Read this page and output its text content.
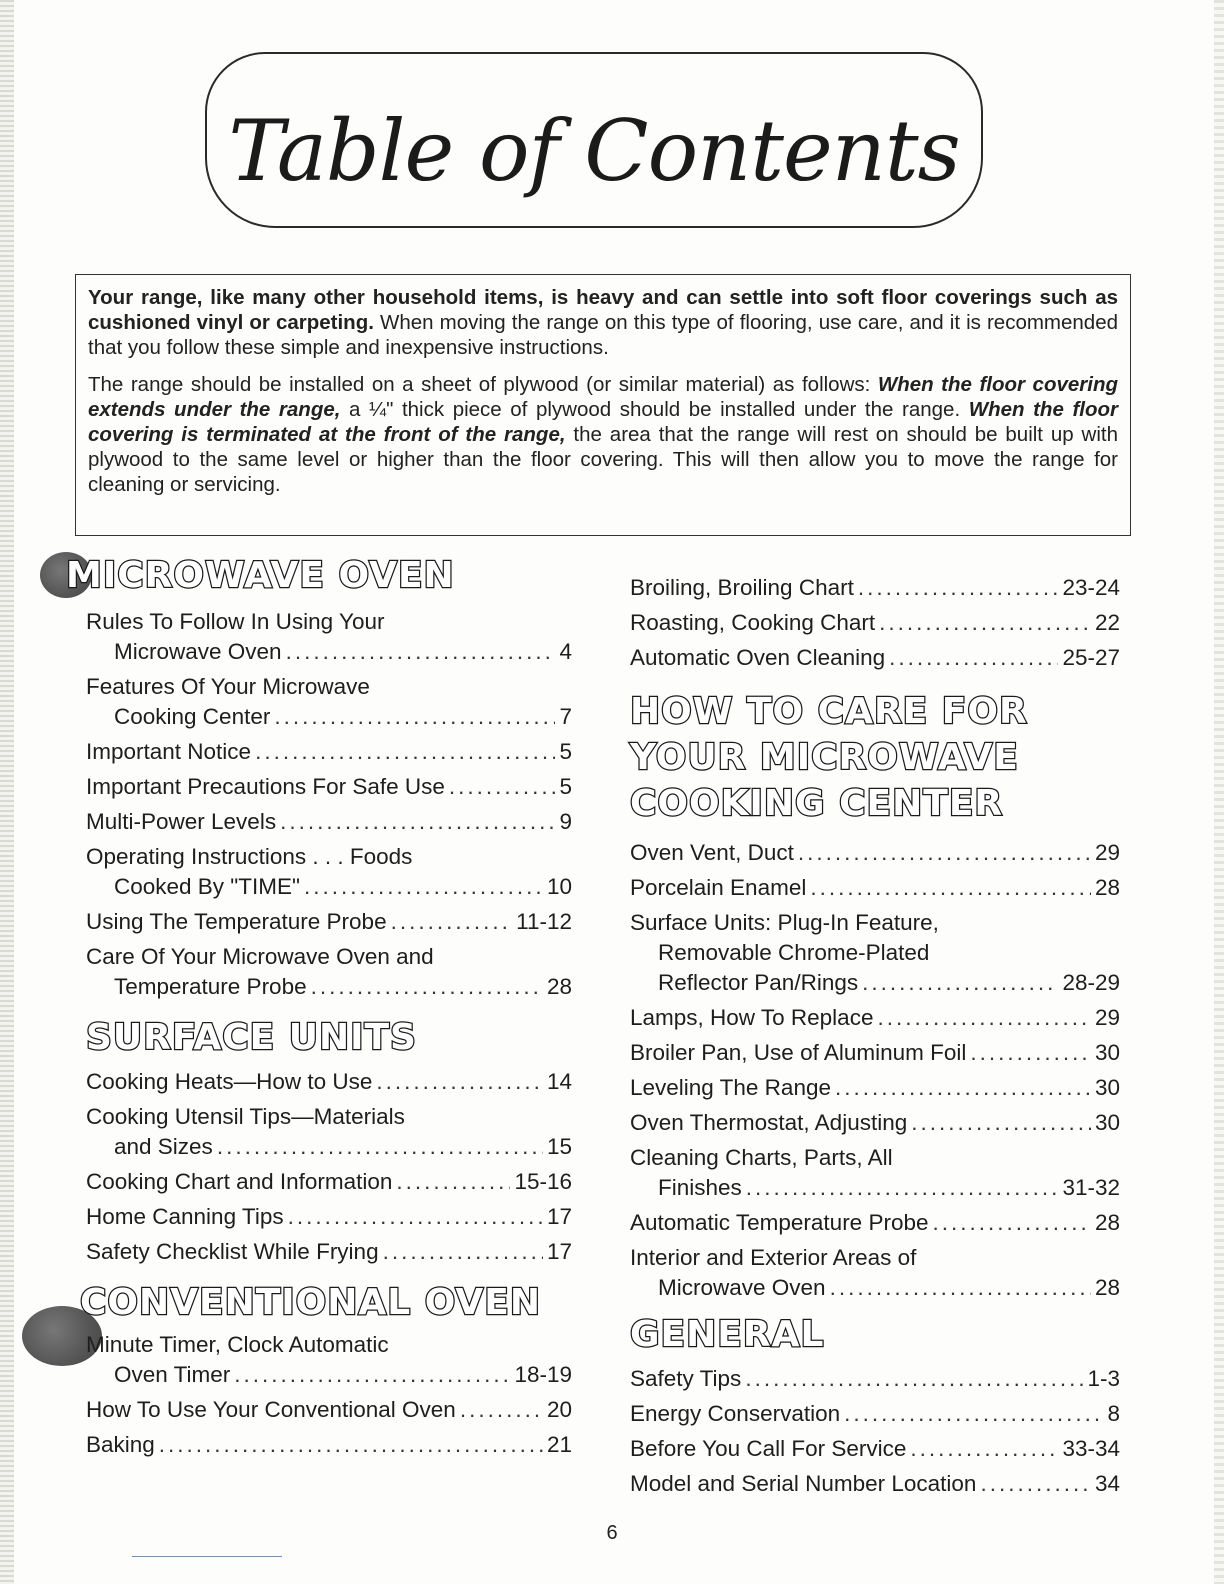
Table of Contents

Your range, like many other household items, is heavy and can settle into soft floor coverings such as cushioned vinyl or carpeting. When moving the range on this type of flooring, use care, and it is recommended that you follow these simple and inexpensive instructions.

The range should be installed on a sheet of plywood (or similar material) as follows: When the floor covering extends under the range, a ¼" thick piece of plywood should be installed under the range. When the floor covering is terminated at the front of the range, the area that the range will rest on should be built up with plywood to the same level or higher than the floor covering. This will then allow you to move the range for cleaning or servicing.

MICROWAVE OVEN
Rules To Follow In Using Your
Microwave Oven .....	4
Features Of Your Microwave
Cooking Center .....	7
Important Notice .....	5
Important Precautions For Safe Use .....	5
Multi-Power Levels .....	9
Operating Instructions . . . Foods
Cooked By "TIME" .....	10
Using The Temperature Probe .....	11-12
Care Of Your Microwave Oven and
Temperature Probe .....	28
SURFACE UNITS
Cooking Heats—How to Use .....	14
Cooking Utensil Tips—Materials
and Sizes .....	15
Cooking Chart and Information .....	15-16
Home Canning Tips .....	17
Safety Checklist While Frying .....	17
CONVENTIONAL OVEN
Minute Timer, Clock Automatic
Oven Timer .....	18-19
How To Use Your Conventional Oven .....	20
Baking .....	21
Broiling, Broiling Chart .....	23-24
Roasting, Cooking Chart .....	22
Automatic Oven Cleaning .....	25-27
HOW TO CARE FOR
YOUR MICROWAVE
COOKING CENTER
Oven Vent, Duct .....	29
Porcelain Enamel .....	28
Surface Units: Plug-In Feature,
Removable Chrome-Plated
Reflector Pan/Rings .....	28-29
Lamps, How To Replace .....	29
Broiler Pan, Use of Aluminum Foil .....	30
Leveling The Range .....	30
Oven Thermostat, Adjusting .....	30
Cleaning Charts, Parts, All
Finishes .....	31-32
Automatic Temperature Probe .....	28
Interior and Exterior Areas of
Microwave Oven .....	28
GENERAL
Safety Tips .....	1-3
Energy Conservation .....	8
Before You Call For Service .....	33-34
Model and Serial Number Location .....	34
6
